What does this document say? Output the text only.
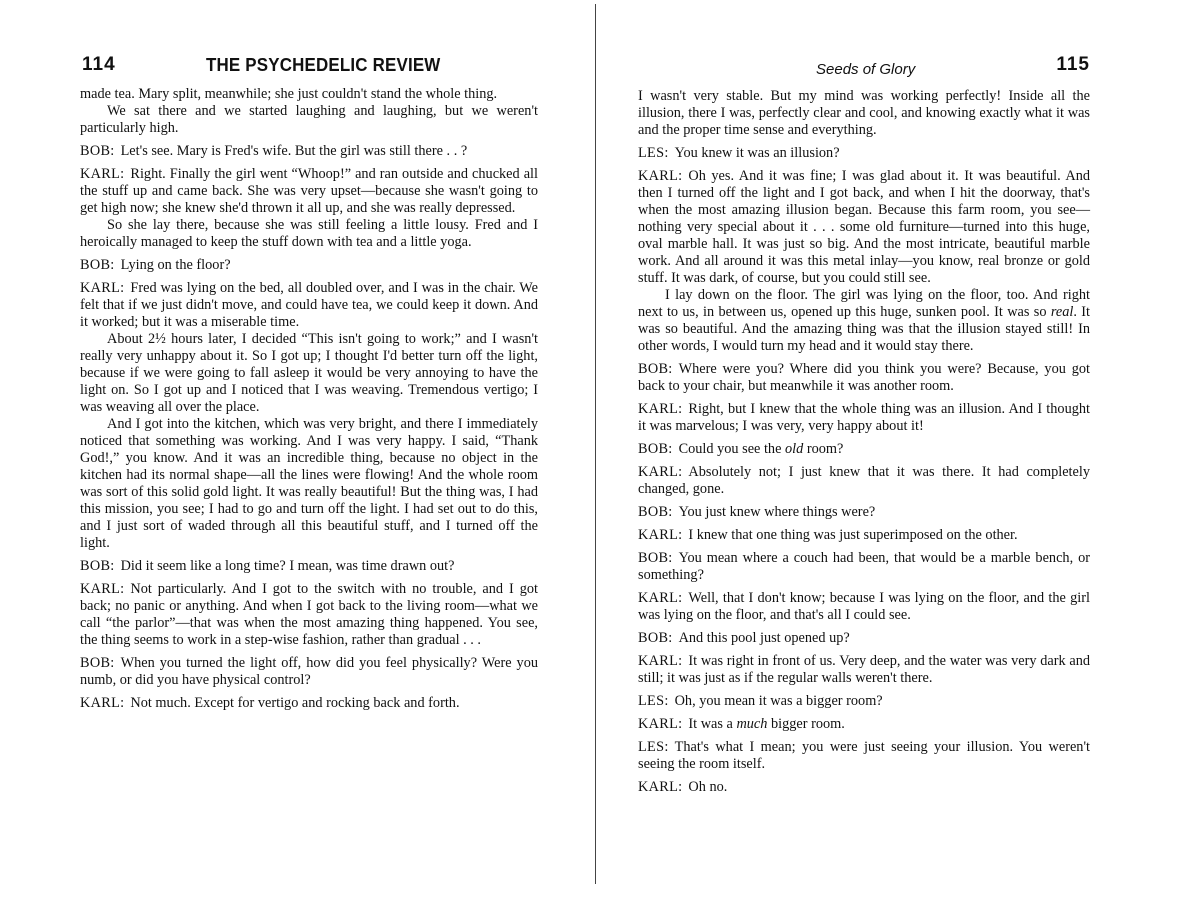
114	THE PSYCHEDELIC REVIEW

made tea. Mary split, meanwhile; she just couldn't stand the whole thing.

We sat there and we started laughing and laughing, but we weren't particularly high.

BOB : Let's see. Mary is Fred's wife. But the girl was still there . . ?

KARL : Right. Finally the girl went “Whoop!” and ran outside and chucked all the stuff up and came back. She was very upset—because she wasn't going to get high now; she knew she'd thrown it all up, and she was really depressed.

So she lay there, because she was still feeling a little lousy. Fred and I heroically managed to keep the stuff down with tea and a little yoga.

BOB : Lying on the floor?

KARL : Fred was lying on the bed, all doubled over, and I was in the chair. We felt that if we just didn't move, and could have tea, we could keep it down. And it worked; but it was a miserable time.

About 2½ hours later, I decided “This isn't going to work;” and I wasn't really very unhappy about it. So I got up; I thought I'd better turn off the light, because if we were going to fall asleep it would be very annoying to have the light on. So I got up and I noticed that I was weaving. Tremendous vertigo; I was weaving all over the place.

And I got into the kitchen, which was very bright, and there I immediately noticed that something was working. And I was very happy. I said, “Thank God!,” you know. And it was an incredible thing, because no object in the kitchen had its normal shape—all the lines were flowing! And the whole room was sort of this solid gold light. It was really beautiful! But the thing was, I had this mission, you see; I had to go and turn off the light. I had set out to do this, and I just sort of waded through all this beautiful stuff, and I turned off the light.

BOB : Did it seem like a long time? I mean, was time drawn out?

KARL : Not particularly. And I got to the switch with no trouble, and I got back; no panic or anything. And when I got back to the living room—what we call “the parlor”—that was when the most amazing thing happened. You see, the thing seems to work in a step-wise fashion, rather than gradual . . .

BOB : When you turned the light off, how did you feel physically? Were you numb, or did you have physical control?

KARL : Not much. Except for vertigo and rocking back and forth.

Seeds of Glory	115

I wasn't very stable. But my mind was working perfectly! Inside all the illusion, there I was, perfectly clear and cool, and knowing exactly what it was and the proper time sense and everything.

LES : You knew it was an illusion?

KARL : Oh yes. And it was fine; I was glad about it. It was beautiful. And then I turned off the light and I got back, and when I hit the doorway, that's when the most amazing illusion began. Because this farm room, you see—nothing very special about it . . . some old furniture—turned into this huge, oval marble hall. It was just so big. And the most intricate, beautiful marble work. And all around it was this metal inlay—you know, real bronze or gold stuff. It was dark, of course, but you could still see.

I lay down on the floor. The girl was lying on the floor, too. And right next to us, in between us, opened up this huge, sunken pool. It was so real. It was so beautiful. And the amazing thing was that the illusion stayed still! In other words, I would turn my head and it would stay there.

BOB : Where were you? Where did you think you were? Because, you got back to your chair, but meanwhile it was another room.

KARL : Right, but I knew that the whole thing was an illusion. And I thought it was marvelous; I was very, very happy about it!

BOB : Could you see the old room?

KARL : Absolutely not; I just knew that it was there. It had completely changed, gone.

BOB : You just knew where things were?

KARL : I knew that one thing was just superimposed on the other.

BOB : You mean where a couch had been, that would be a marble bench, or something?

KARL : Well, that I don't know; because I was lying on the floor, and the girl was lying on the floor, and that's all I could see.

BOB : And this pool just opened up?

KARL : It was right in front of us. Very deep, and the water was very dark and still; it was just as if the regular walls weren't there.

LES : Oh, you mean it was a bigger room?

KARL : It was a much bigger room.

LES : That's what I mean; you were just seeing your illusion. You weren't seeing the room itself.

KARL : Oh no.
